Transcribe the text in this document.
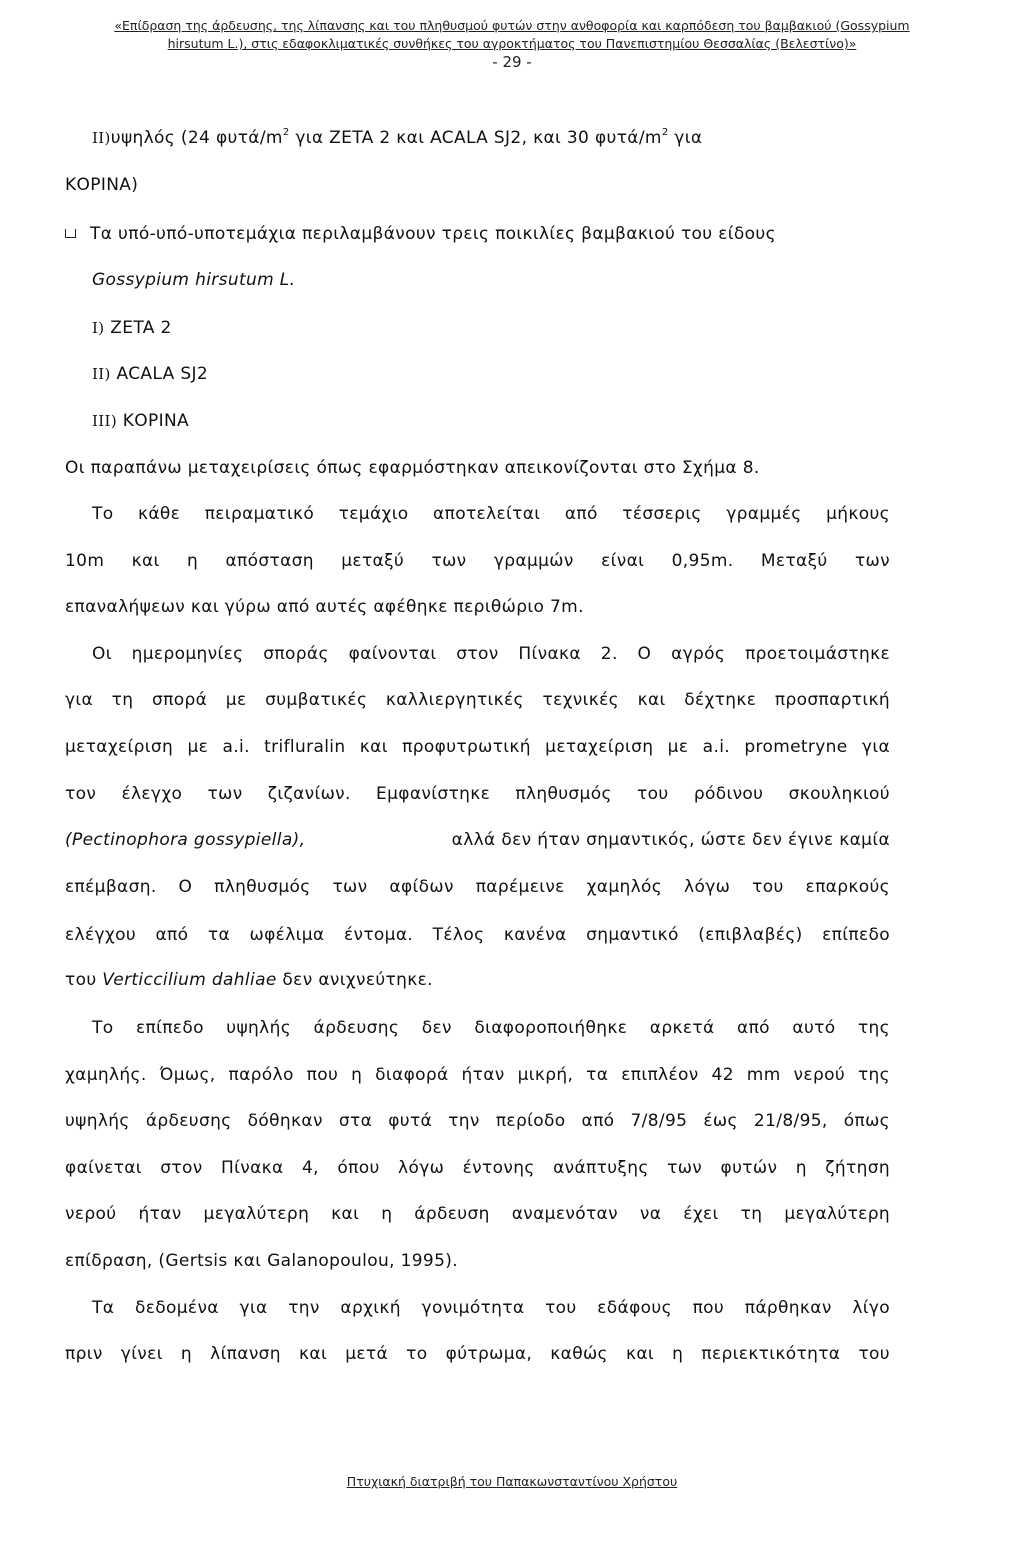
«Επίδραση της άρδευσης, της λίπανσης και του πληθυσμού φυτών στην ανθοφορία και καρπόδεση του βαμβακιού (Gossypium
hirsutum L.), στις εδαφοκλιματικές συνθήκες του αγροκτήματος του Πανεπιστημίου Θεσσαλίας (Βελεστίνο)»
- 29 -
II)υψηλός (24 φυτά/$m^2$ για ZETA 2 και ACALA SJ2, και 30 φυτά/$m^2$ για
ΚΟΡΙΝΑ)
Τα υπό-υπό-υποτεμάχια περιλαμβάνουν τρεις ποικιλίες βαμβακιού του είδους
Gossypium hirsutum L.
I) ZETA 2
II) ACALA SJ2
III) ΚΟΡΙΝΑ
Οι παραπάνω μεταχειρίσεις όπως εφαρμόστηκαν απεικονίζονται στο Σχήμα 8.
Το κάθε πειραματικό τεμάχιο αποτελείται από τέσσερις γραμμές μήκους
10m και η απόσταση μεταξύ των γραμμών είναι 0,95m. Μεταξύ των
επαναλήψεων και γύρω από αυτές αφέθηκε περιθώριο 7m.
Οι ημερομηνίες σποράς φαίνονται στον Πίνακα 2. Ο αγρός προετοιμάστηκε
για τη σπορά με συμβατικές καλλιεργητικές τεχνικές και δέχτηκε προσπαρτική
μεταχείριση με a.i. trifluralin και προφυτρωτική μεταχείριση με a.i. prometryne για
τον έλεγχο των ζιζανίων. Εμφανίστηκε πληθυσμός του ρόδινου σκουληκιού
(Pectinophora gossypiella),	αλλά δεν ήταν σημαντικός, ώστε δεν έγινε καμία
επέμβαση. Ο πληθυσμός των αφίδων παρέμεινε χαμηλός λόγω του επαρκούς
ελέγχου από τα ωφέλιμα έντομα. Τέλος κανένα σημαντικό (επιβλαβές) επίπεδο
του Verticcilium dahliae δεν ανιχνεύτηκε.
Το επίπεδο υψηλής άρδευσης δεν διαφοροποιήθηκε αρκετά από αυτό της
χαμηλής. Όμως, παρόλο που η διαφορά ήταν μικρή, τα επιπλέον 42 mm νερού της
υψηλής άρδευσης δόθηκαν στα φυτά την περίοδο από 7/8/95 έως 21/8/95, όπως
φαίνεται στον Πίνακα 4, όπου λόγω έντονης ανάπτυξης των φυτών η ζήτηση
νερού ήταν μεγαλύτερη και η άρδευση αναμενόταν να έχει τη μεγαλύτερη
επίδραση, (Gertsis και Galanopoulou, 1995).
Τα δεδομένα για την αρχική γονιμότητα του εδάφους που πάρθηκαν λίγο
πριν γίνει η λίπανση και μετά το φύτρωμα, καθώς και η περιεκτικότητα του
Πτυχιακή διατριβή του Παπακωνσταντίνου Χρήστου
